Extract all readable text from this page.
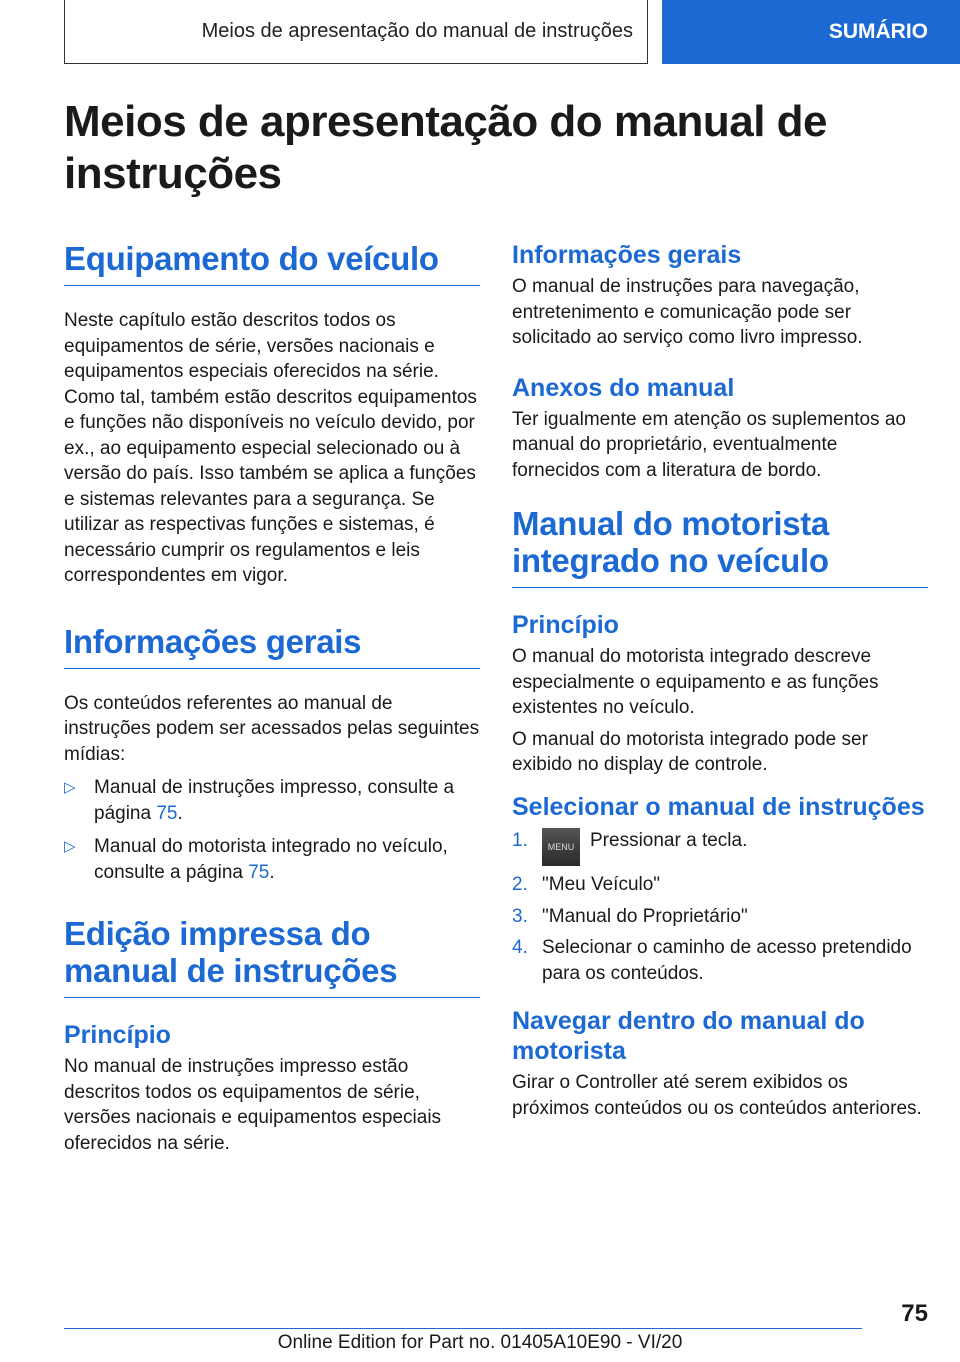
Meios de apresentação do manual de instruções	SUMÁRIO
Meios de apresentação do manual de instruções
Equipamento do veículo

Neste capítulo estão descritos todos os equipamentos de série, versões nacionais e equipamentos especiais oferecidos na série. Como tal, também estão descritos equipamentos e funções não disponíveis no veículo devido, por ex., ao equipamento especial selecionado ou à versão do país. Isso também se aplica a funções e sistemas relevantes para a segurança. Se utilizar as respectivas funções e sistemas, é necessário cumprir os regulamentos e leis correspondentes em vigor.

Informações gerais

Os conteúdos referentes ao manual de instruções podem ser acessados pelas seguintes mídias:

▷ Manual de instruções impresso, consulte a página 75.
▷ Manual do motorista integrado no veículo, consulte a página 75.
Edição impressa do manual de instruções
Princípio

No manual de instruções impresso estão descritos todos os equipamentos de série, versões nacionais e equipamentos especiais oferecidos na série.

Informações gerais

O manual de instruções para navegação, entretenimento e comunicação pode ser solicitado ao serviço como livro impresso.

Anexos do manual

Ter igualmente em atenção os suplementos ao manual do proprietário, eventualmente fornecidos com a literatura de bordo.

Manual do motorista integrado no veículo
Princípio

O manual do motorista integrado descreve especialmente o equipamento e as funções existentes no veículo.

O manual do motorista integrado pode ser exibido no display de controle.

Selecionar o manual de instruções
1. MENU Pressionar a tecla.
2. "Meu Veículo"
3. "Manual do Proprietário"
4. Selecionar o caminho de acesso pretendido para os conteúdos.
Navegar dentro do manual do motorista

Girar o Controller até serem exibidos os próximos conteúdos ou os conteúdos anteriores.

75
Online Edition for Part no. 01405A10E90 - VI/20
